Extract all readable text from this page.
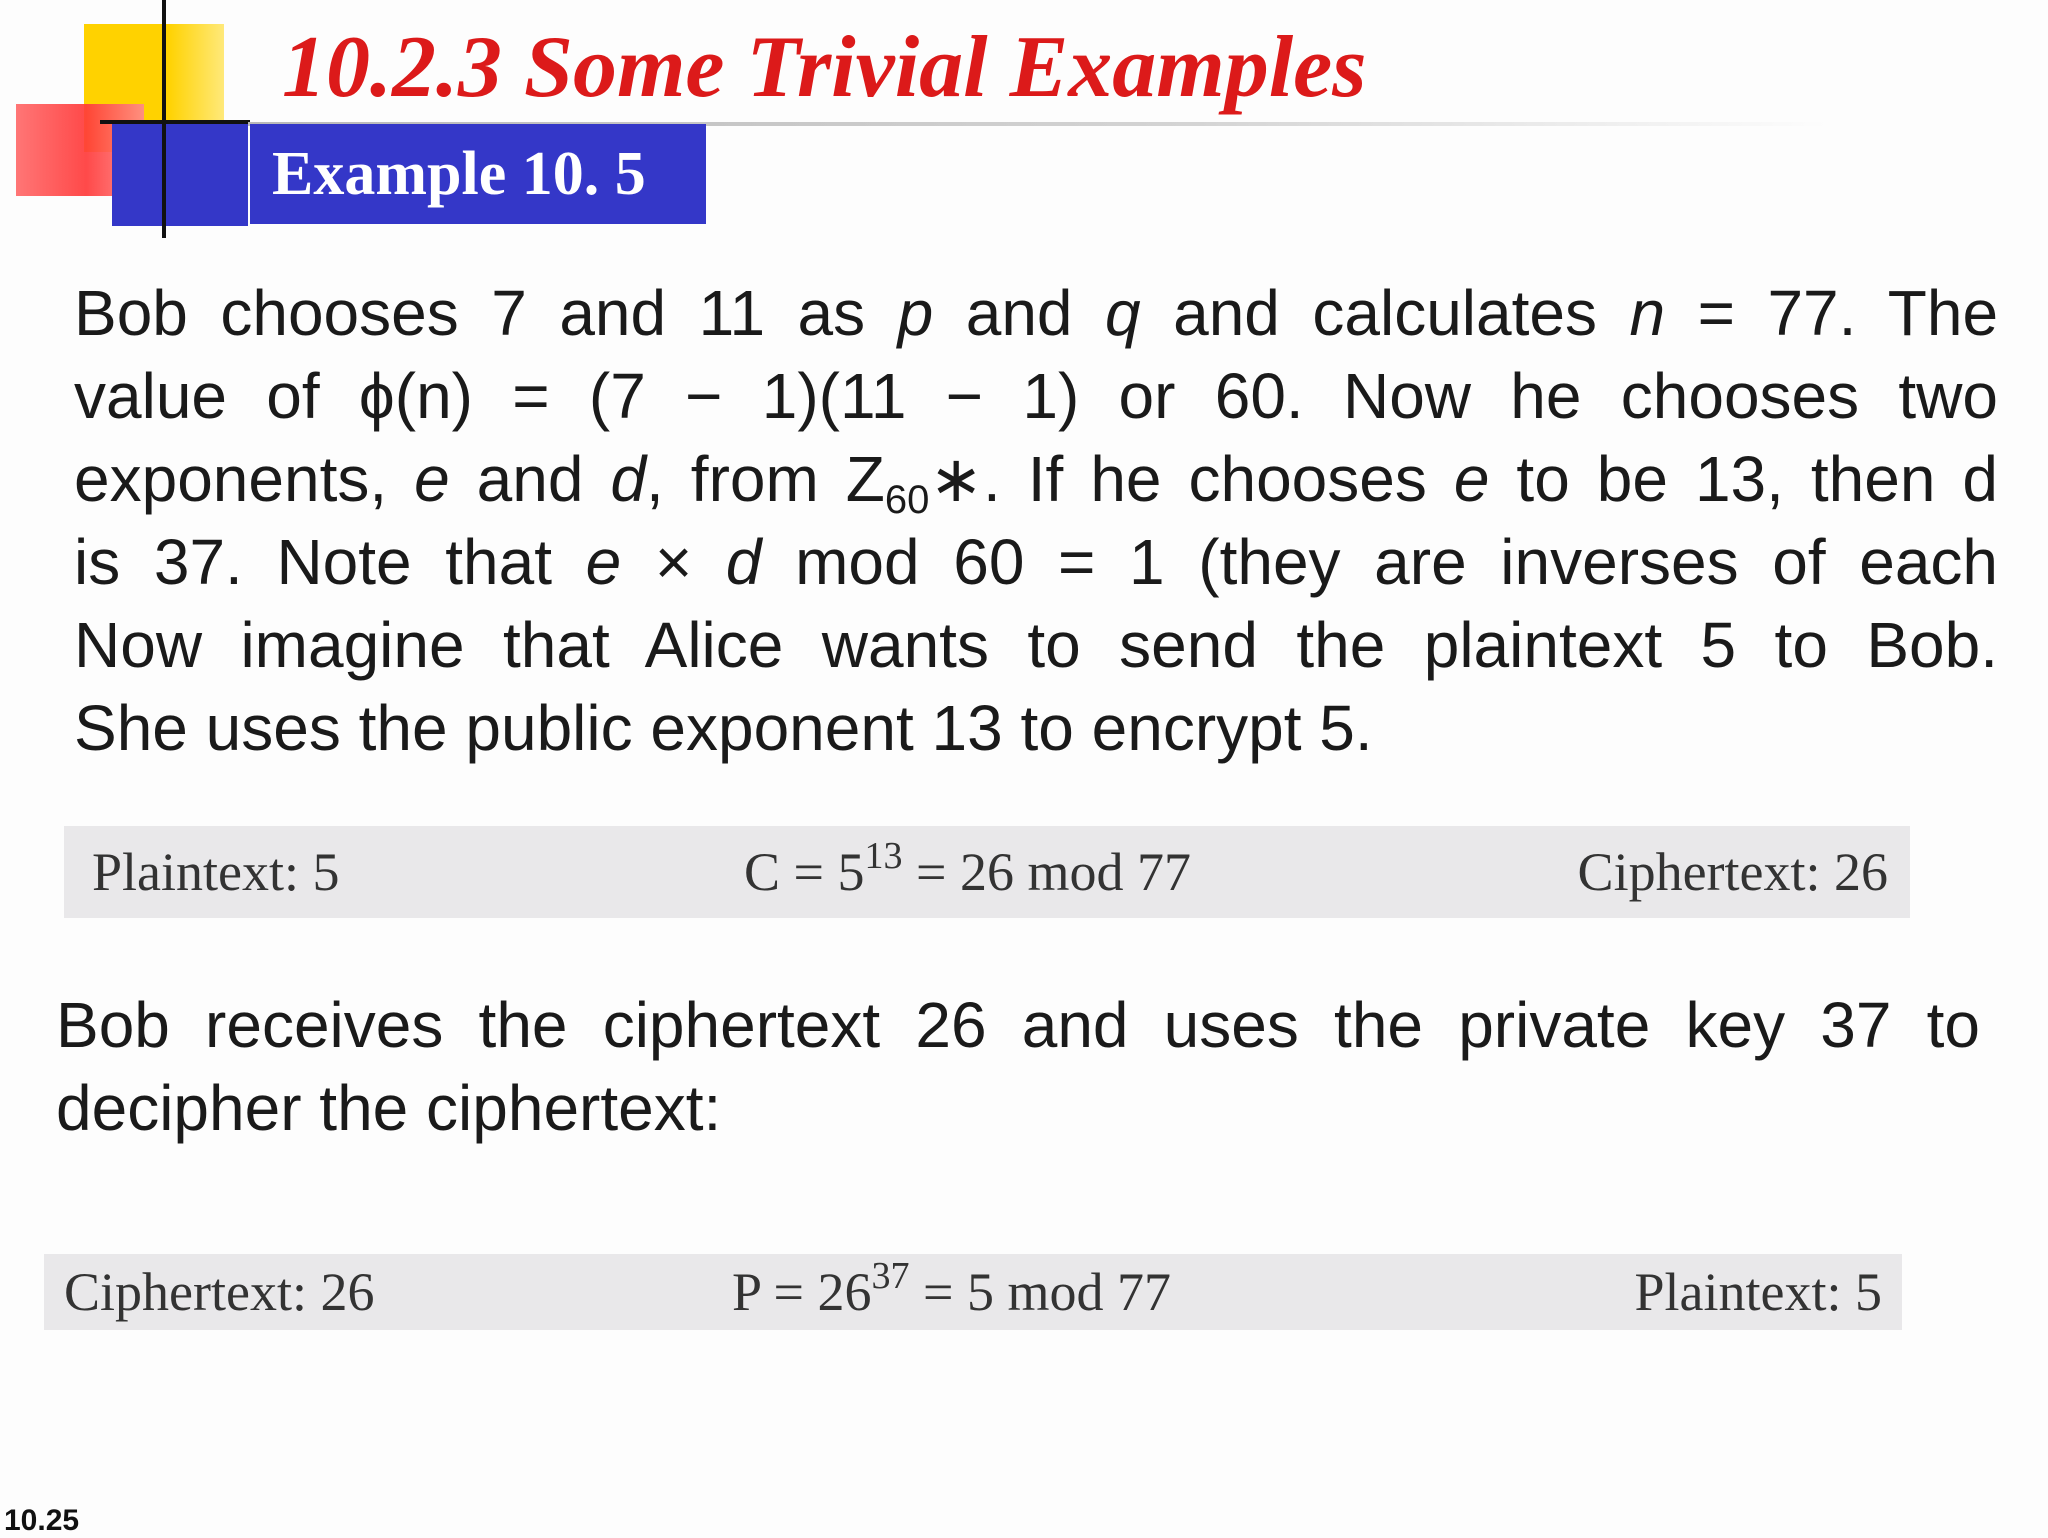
10.2.3 Some Trivial Examples
Example 10. 5
Bob chooses 7 and 11 as p and q and calculates n = 77. The
value of ϕ(n) = (7 − 1)(11 − 1) or 60. Now he chooses two
exponents, e and d, from $Z_{60}∗$. If he chooses e to be 13, then d
is 37. Note that e × d mod 60 = 1 (they are inverses of each
Now imagine that Alice wants to send the plaintext 5 to Bob.
She uses the public exponent 13 to encrypt 5.
Plaintext: 5	$C = 5^{13} = 26$ mod 77	Ciphertext: 26
Bob receives the ciphertext 26 and uses the private key 37 to
decipher the ciphertext:
Ciphertext: 26	$P = 26^{37} = 5$ mod 77	Plaintext: 5
10.25
